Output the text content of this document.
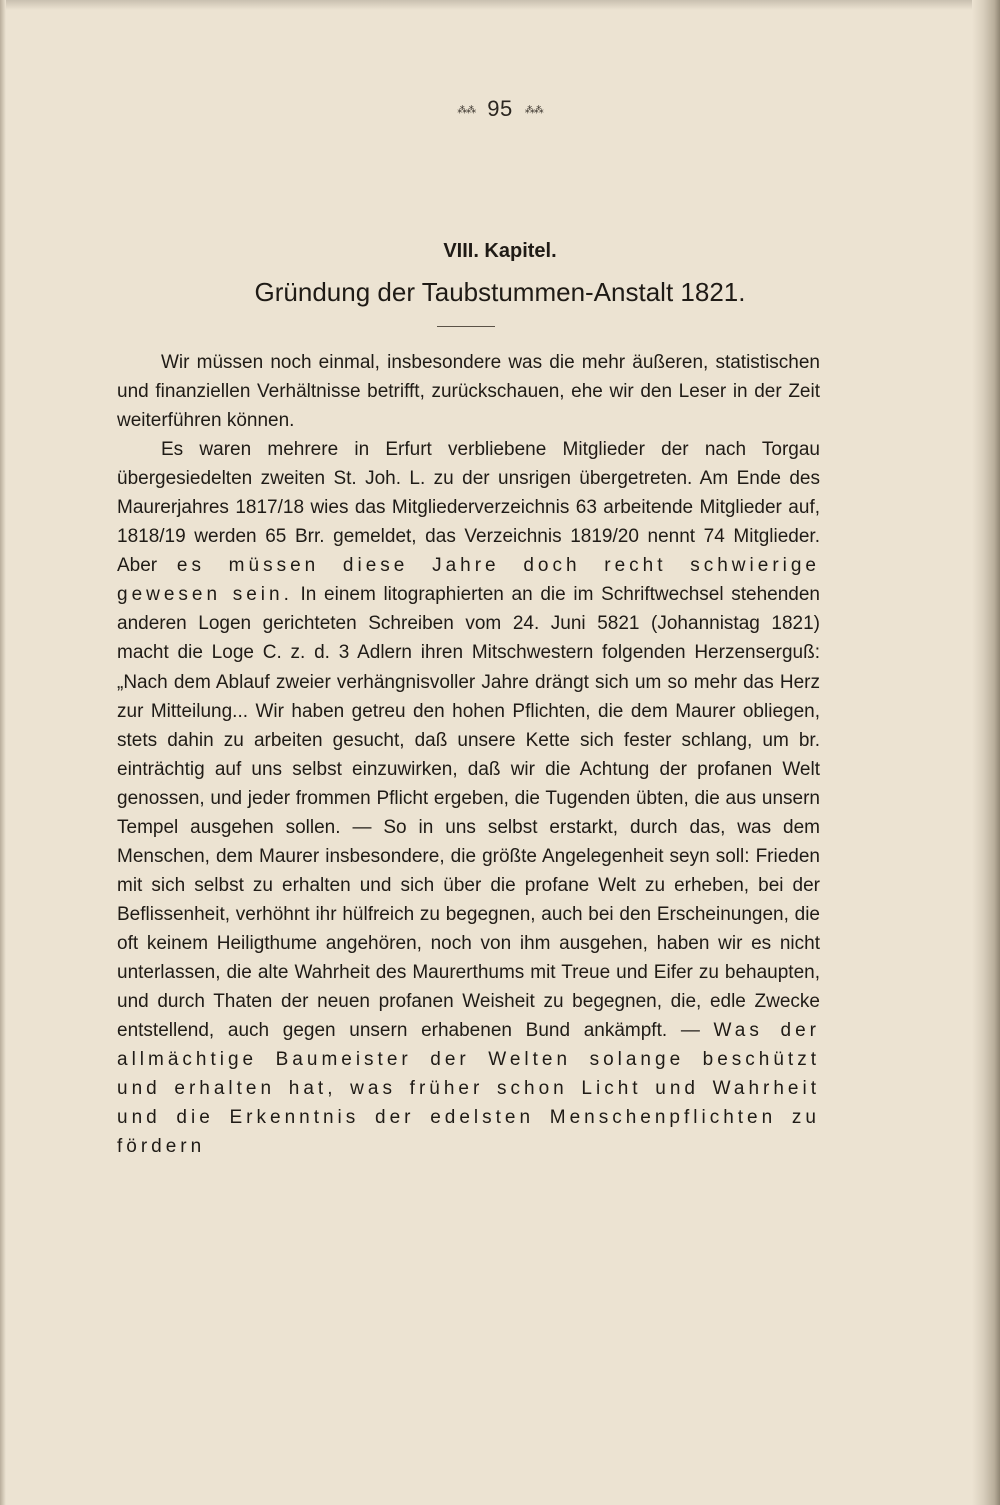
⁂⁂ 95 ⁂⁂
VIII. Kapitel.
Gründung der Taubstummen-Anstalt 1821.

Wir müssen noch einmal, insbesondere was die mehr äußeren, statistischen und finanziellen Verhältnisse betrifft, zurückschauen, ehe wir den Leser in der Zeit weiterführen können.

Es waren mehrere in Erfurt verbliebene Mitglieder der nach Torgau übergesiedelten zweiten St. Joh. L. zu der unsrigen übergetreten. Am Ende des Maurerjahres 1817/18 wies das Mitgliederverzeichnis 63 arbeitende Mitglieder auf, 1818/19 werden 65 Brr. gemeldet, das Verzeichnis 1819/20 nennt 74 Mitglieder. Aber es müssen diese Jahre doch recht schwierige gewesen sein. In einem litographierten an die im Schriftwechsel stehenden anderen Logen gerichteten Schreiben vom 24. Juni 5821 (Johannistag 1821) macht die Loge C. z. d. 3 Adlern ihren Mitschwestern folgenden Herzenserguß: „Nach dem Ablauf zweier verhängnisvoller Jahre drängt sich um so mehr das Herz zur Mitteilung... Wir haben getreu den hohen Pflichten, die dem Maurer obliegen, stets dahin zu arbeiten gesucht, daß unsere Kette sich fester schlang, um br. einträchtig auf uns selbst einzuwirken, daß wir die Achtung der profanen Welt genossen, und jeder frommen Pflicht ergeben, die Tugenden übten, die aus unsern Tempel ausgehen sollen. — So in uns selbst erstarkt, durch das, was dem Menschen, dem Maurer insbesondere, die größte Angelegenheit seyn soll: Frieden mit sich selbst zu erhalten und sich über die profane Welt zu erheben, bei der Beflissenheit, verhöhnt ihr hülfreich zu begegnen, auch bei den Erscheinungen, die oft keinem Heiligthume angehören, noch von ihm ausgehen, haben wir es nicht unterlassen, die alte Wahrheit des Maurerthums mit Treue und Eifer zu behaupten, und durch Thaten der neuen profanen Weisheit zu begegnen, die, edle Zwecke entstellend, auch gegen unsern erhabenen Bund ankämpft. — Was der allmächtige Baumeister der Welten solange beschützt und erhalten hat, was früher schon Licht und Wahrheit und die Erkenntnis der edelsten Menschenpflichten zu fördern
